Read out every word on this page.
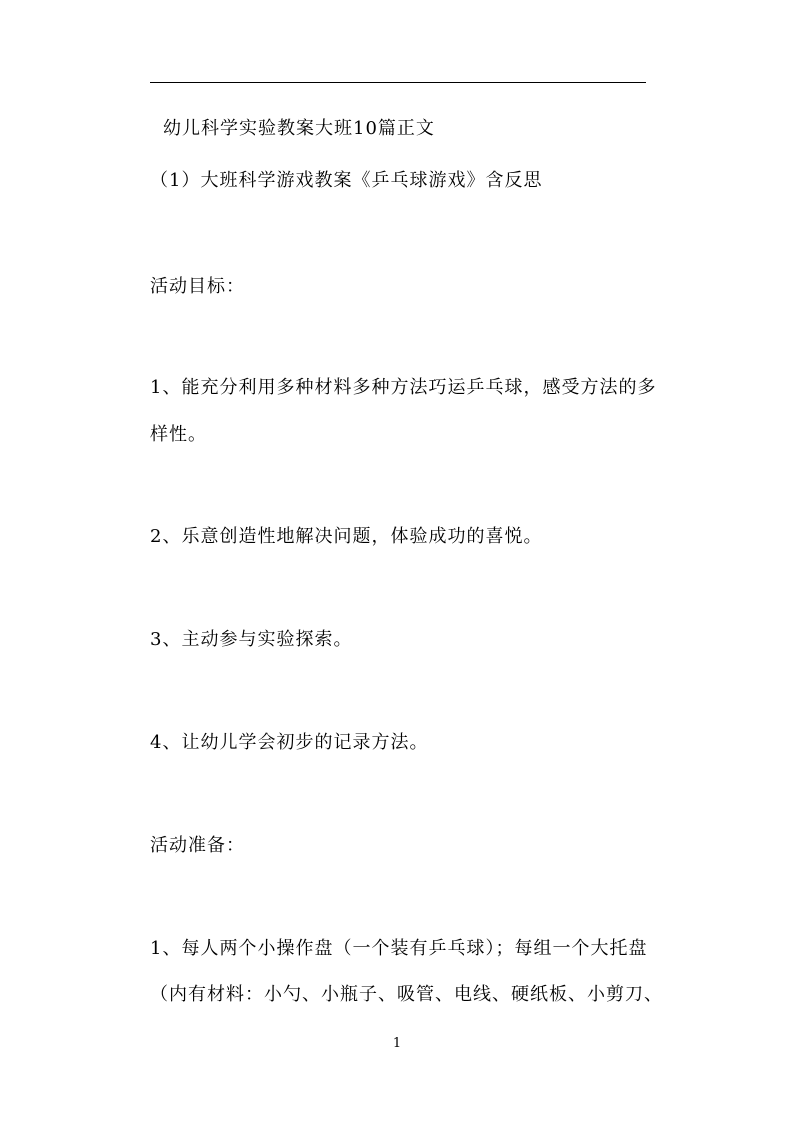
幼儿科学实验教案大班10篇正文
（1）大班科学游戏教案《乒乓球游戏》含反思
活动目标：
1、能充分利用多种材料多种方法巧运乒乓球，感受方法的多
样性。
2、乐意创造性地解决问题，体验成功的喜悦。
3、主动参与实验探索。
4、让幼儿学会初步的记录方法。
活动准备：
1、每人两个小操作盘（一个装有乒乓球）；每组一个大托盘
（内有材料：小勺、小瓶子、吸管、电线、硬纸板、小剪刀、
1
